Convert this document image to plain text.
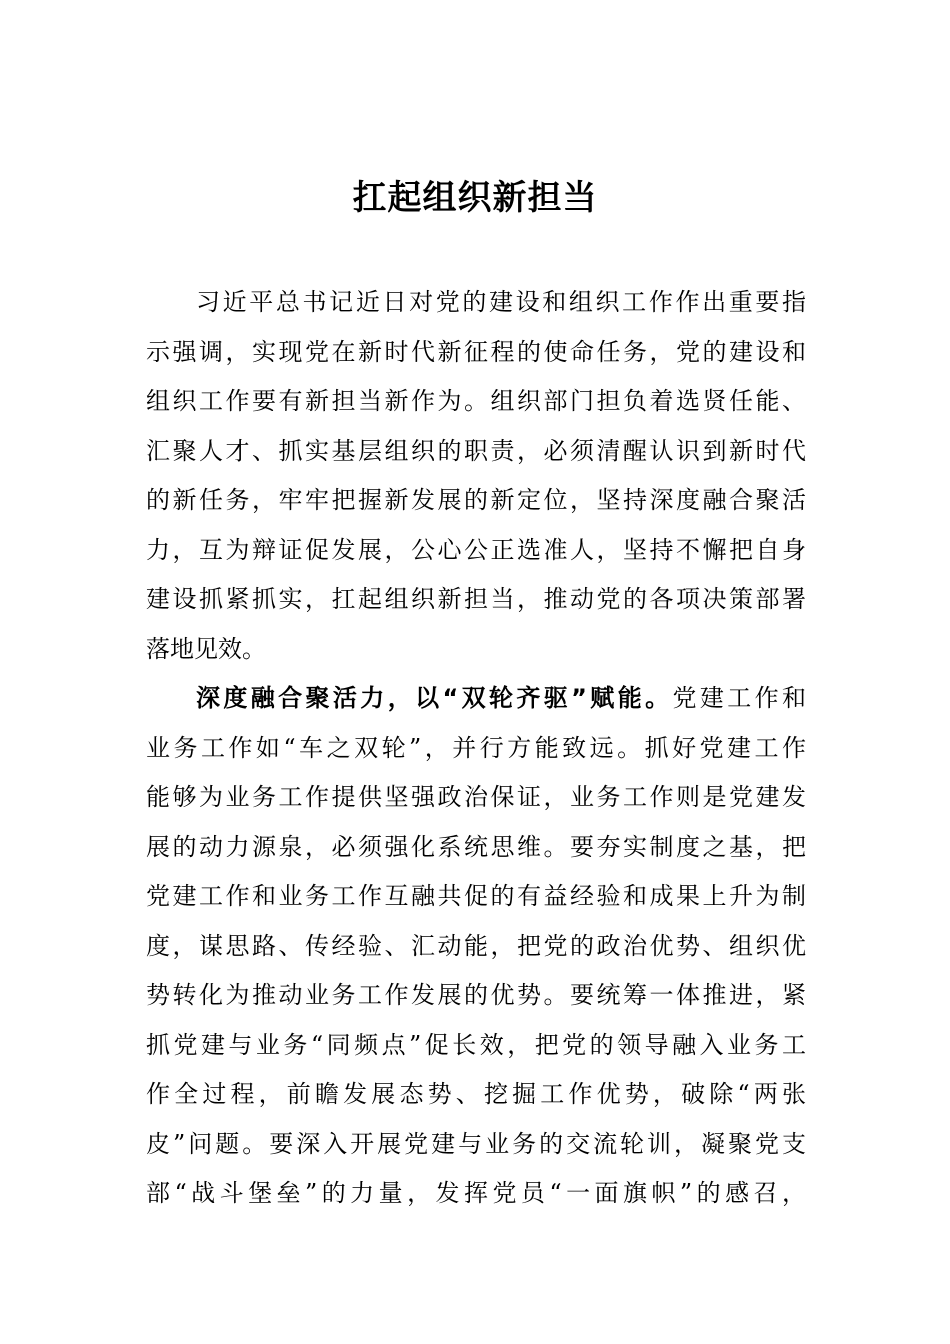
扛起组织新担当
习近平总书记近日对党的建设和组织工作作出重要指
示强调，实现党在新时代新征程的使命任务，党的建设和
组织工作要有新担当新作为。组织部门担负着选贤任能、
汇聚人才、抓实基层组织的职责，必须清醒认识到新时代
的新任务，牢牢把握新发展的新定位，坚持深度融合聚活
力，互为辩证促发展，公心公正选准人，坚持不懈把自身
建设抓紧抓实，扛起组织新担当，推动党的各项决策部署
落地见效。
深度融合聚活力，以“双轮齐驱”赋能。党建工作和
业务工作如“车之双轮”，并行方能致远。抓好党建工作
能够为业务工作提供坚强政治保证，业务工作则是党建发
展的动力源泉，必须强化系统思维。要夯实制度之基，把
党建工作和业务工作互融共促的有益经验和成果上升为制
度，谋思路、传经验、汇动能，把党的政治优势、组织优
势转化为推动业务工作发展的优势。要统筹一体推进，紧
抓党建与业务“同频点”促长效，把党的领导融入业务工
作全过程，前瞻发展态势、挖掘工作优势，破除“两张
皮”问题。要深入开展党建与业务的交流轮训，凝聚党支
部“战斗堡垒”的力量，发挥党员“一面旗帜”的感召，
